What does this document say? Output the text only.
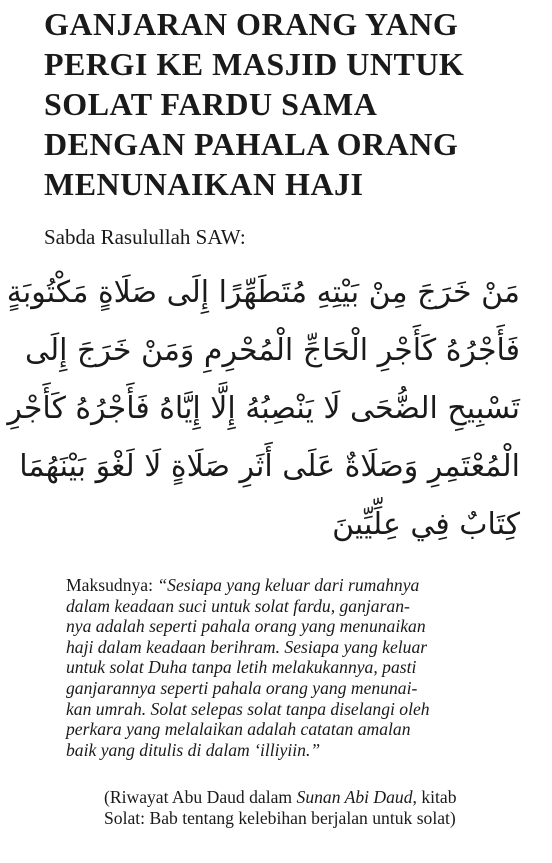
GANJARAN ORANG YANG
PERGI KE MASJID UNTUK
SOLAT FARDU SAMA
DENGAN PAHALA ORANG
MENUNAIKAN HAJI
Sabda Rasulullah SAW:
مَنْ خَرَجَ مِنْ بَيْتِهِ مُتَطَهِّرًا إِلَى صَلَاةٍ مَكْتُوبَةٍ
فَأَجْرُهُ كَأَجْرِ الْحَاجِّ الْمُحْرِمِ وَمَنْ خَرَجَ إِلَى
تَسْبِيحِ الضُّحَى لَا يَنْصِبُهُ إِلَّا إِيَّاهُ فَأَجْرُهُ كَأَجْرِ
الْمُعْتَمِرِ وَصَلَاةٌ عَلَى أَثَرِ صَلَاةٍ لَا لَغْوَ بَيْنَهُمَا
كِتَابٌ فِي عِلِّيِّينَ
Maksudnya: “Sesiapa yang keluar dari rumahnya
dalam keadaan suci untuk solat fardu, ganjaran-
nya adalah seperti pahala orang yang menunaikan
haji dalam keadaan berihram. Sesiapa yang keluar
untuk solat Duha tanpa letih melakukannya, pasti
ganjarannya seperti pahala orang yang menunai-
kan umrah. Solat selepas solat tanpa diselangi oleh
perkara yang melalaikan adalah catatan amalan
baik yang ditulis di dalam ‘illiyiin.”
(Riwayat Abu Daud dalam Sunan Abi Daud, kitab
Solat: Bab tentang kelebihan berjalan untuk solat)
